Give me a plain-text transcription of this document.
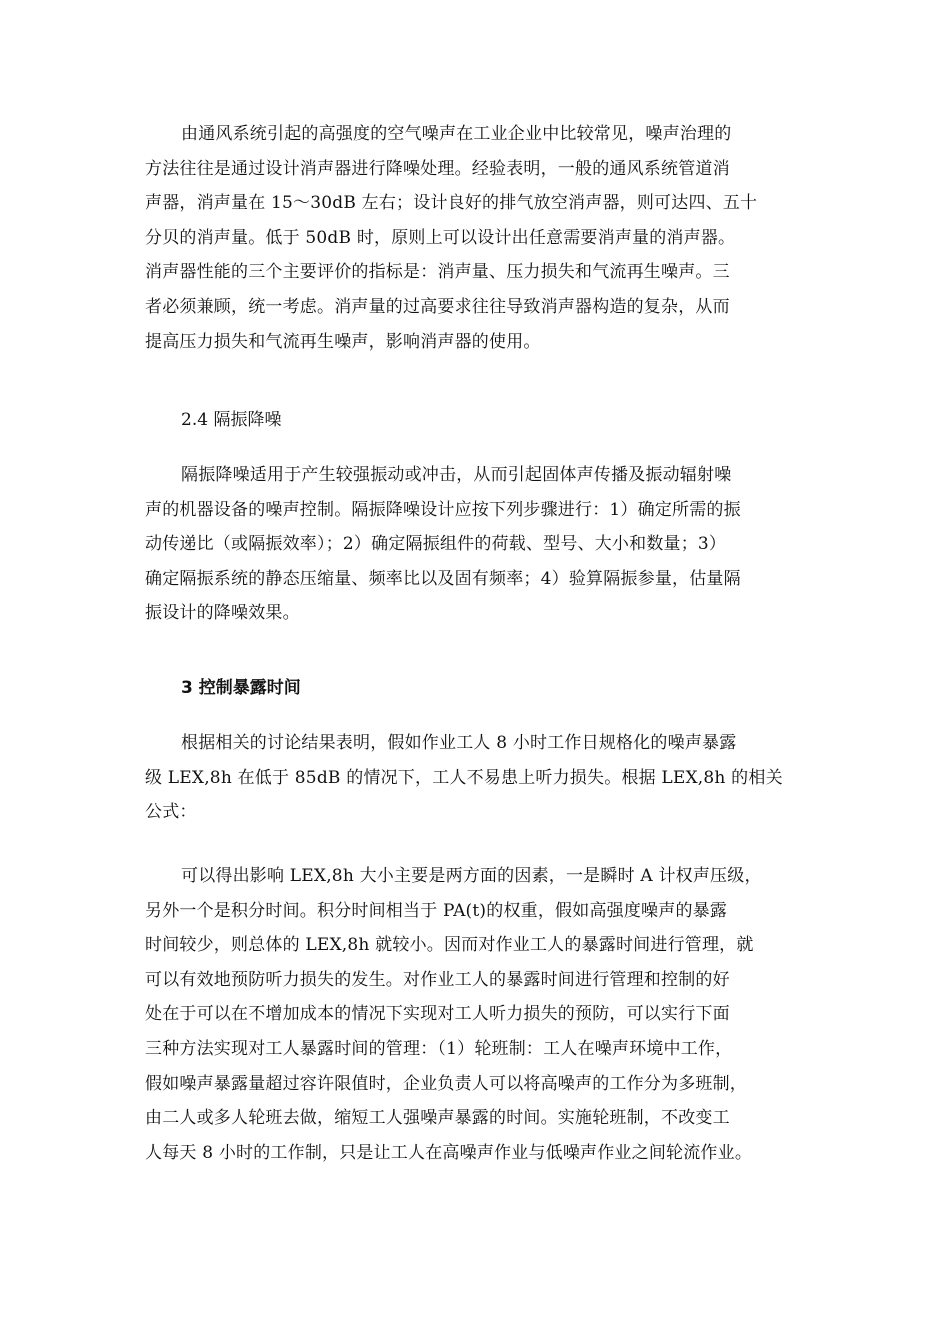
由通风系统引起的高强度的空气噪声在工业企业中比较常见，噪声治理的
方法往往是通过设计消声器进行降噪处理。经验表明，一般的通风系统管道消
声器，消声量在 15～30dB 左右；设计良好的排气放空消声器，则可达四、五十
分贝的消声量。低于 50dB 时，原则上可以设计出任意需要消声量的消声器。
消声器性能的三个主要评价的指标是：消声量、压力损失和气流再生噪声。三
者必须兼顾，统一考虑。消声量的过高要求往往导致消声器构造的复杂，从而
提高压力损失和气流再生噪声，影响消声器的使用。
2.4 隔振降噪
隔振降噪适用于产生较强振动或冲击，从而引起固体声传播及振动辐射噪
声的机器设备的噪声控制。隔振降噪设计应按下列步骤进行：1）确定所需的振
动传递比（或隔振效率）；2）确定隔振组件的荷载、型号、大小和数量；3）
确定隔振系统的静态压缩量、频率比以及固有频率；4）验算隔振参量，估量隔
振设计的降噪效果。
3 控制暴露时间
根据相关的讨论结果表明，假如作业工人 8 小时工作日规格化的噪声暴露
级 LEX,8h 在低于 85dB 的情况下，工人不易患上听力损失。根据 LEX,8h 的相关
公式：
可以得出影响 LEX,8h 大小主要是两方面的因素，一是瞬时 A 计权声压级，
另外一个是积分时间。积分时间相当于 PA(t)的权重，假如高强度噪声的暴露
时间较少，则总体的 LEX,8h 就较小。因而对作业工人的暴露时间进行管理，就
可以有效地预防听力损失的发生。对作业工人的暴露时间进行管理和控制的好
处在于可以在不增加成本的情况下实现对工人听力损失的预防，可以实行下面
三种方法实现对工人暴露时间的管理：（1）轮班制：工人在噪声环境中工作，
假如噪声暴露量超过容许限值时，企业负责人可以将高噪声的工作分为多班制，
由二人或多人轮班去做，缩短工人强噪声暴露的时间。实施轮班制，不改变工
人每天 8 小时的工作制，只是让工人在高噪声作业与低噪声作业之间轮流作业。
